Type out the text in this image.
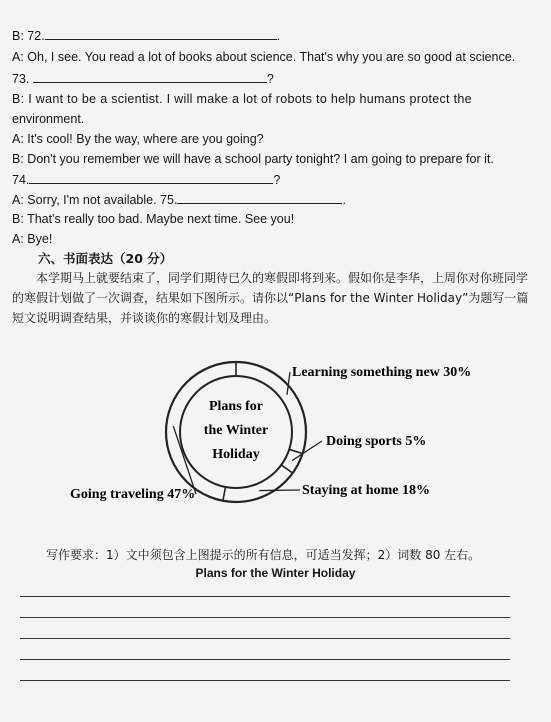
B: 72.	.
A: Oh, I see. You read a lot of books about science. That's why you are so good at science.
73.	?
B: I want to be a scientist. I will make a lot of robots to help humans protect the
environment.
A: It's cool! By the way, where are you going?
B: Don't you remember we will have a school party tonight? I am going to prepare for it.
74.	?
A: Sorry, I'm not available. 75.	.
B: That's really too bad. Maybe next time. See you!
A: Bye!
六、书面表达（20 分）
本学期马上就要结束了，同学们期待已久的寒假即将到来。假如你是李华，上周你对你班同学的寒假计划做了一次调查，结果如下图所示。请你以“Plans for the Winter Holiday”为题写一篇短文说明调查结果，并谈谈你的寒假计划及理由。
Plans for
the Winter
Holiday
Learning something new 30%
Doing sports 5%
Staying at home 18%
Going traveling 47%
写作要求：1）文中须包含上图提示的所有信息，可适当发挥；2）词数 80 左右。
Plans for the Winter Holiday
